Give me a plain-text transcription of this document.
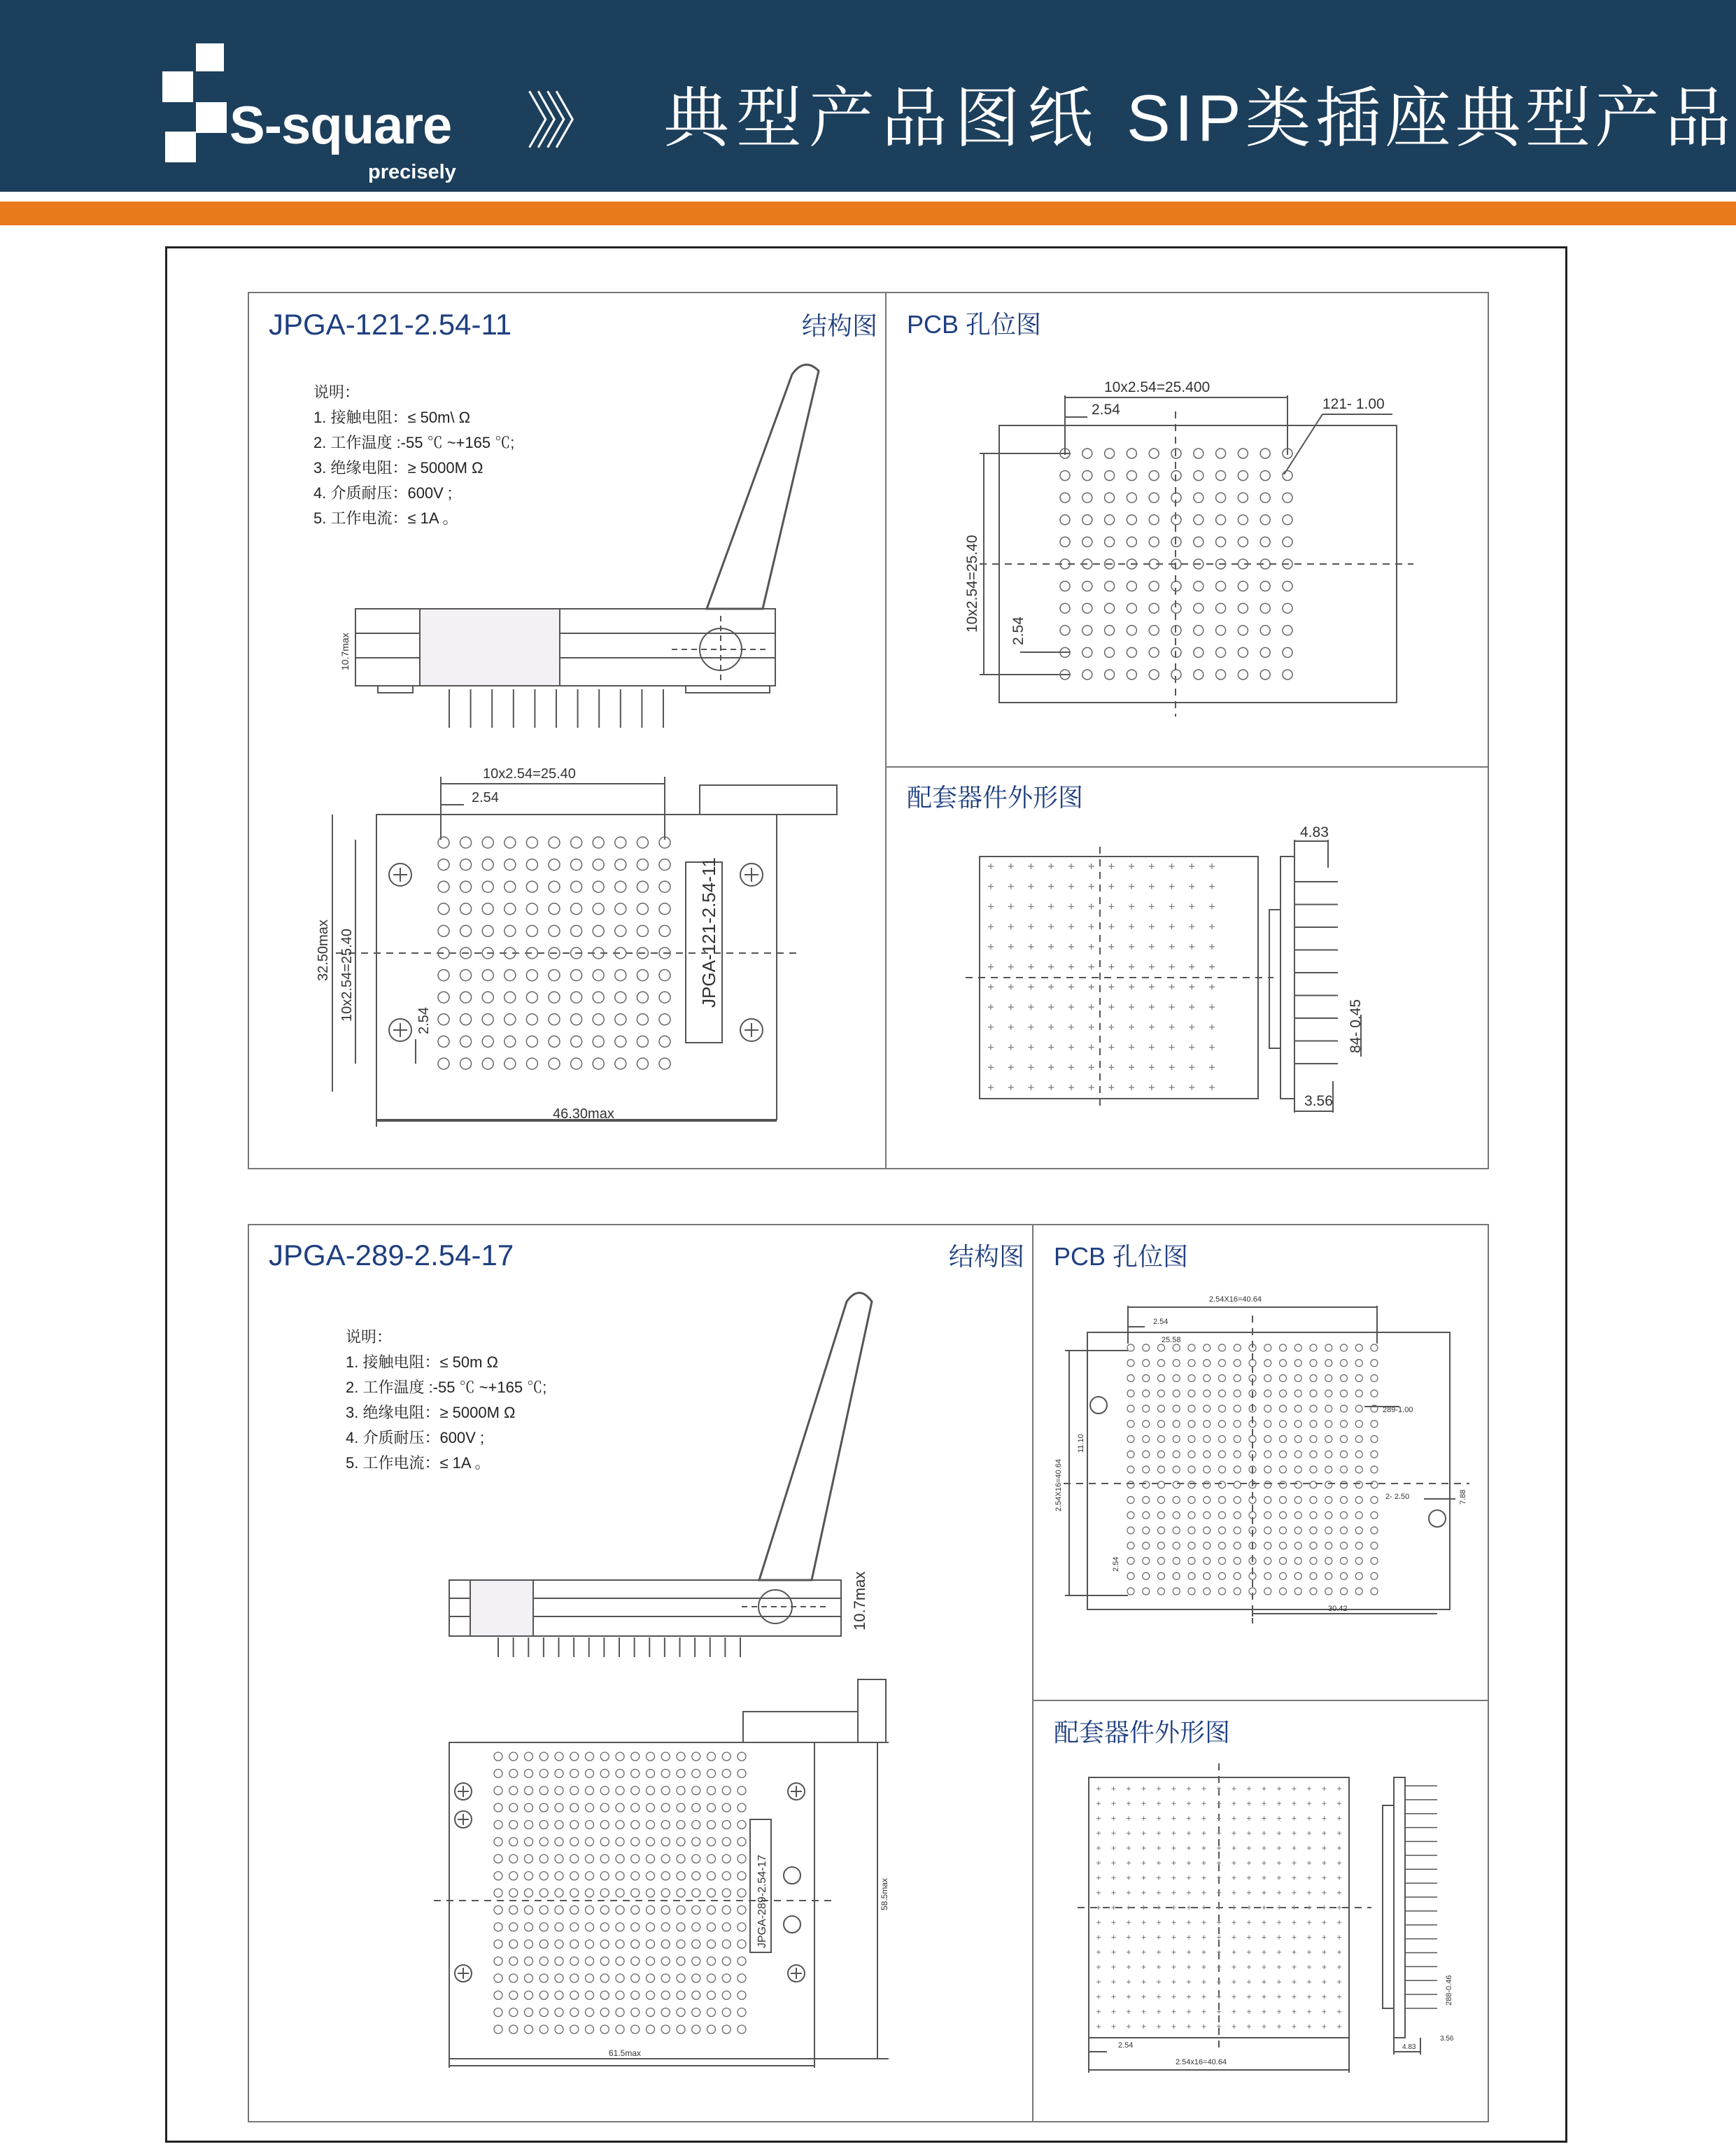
S-square
precisely
》》 典型产品图纸 SIP类插座典型产品
JPGA-121-2.54-11	结构图 PCB 孔位图
配套器件外形图
说明：
1. 接触电阻：≤ 50m\ Ω
2. 工作温度 :-55 ℃ ~+165 ℃;
3. 绝缘电阻：≥ 5000M Ω
4. 介质耐压：600V ;
5. 工作电流：≤ 1A 。
10.7max
10x2.54=25.40
2.54
32.50max 10x2.54=25.40	2.54
46.30max
JPGA-121-2.54-11
10x2.54=25.400
2.54	121- 1.00
10x2.54=25.40 2.54
4.83
84- 0.45
3.56
JPGA-289-2.54-17	结构图 PCB 孔位图
配套器件外形图
说明：
1. 接触电阻：≤ 50m Ω
2. 工作温度 :-55 ℃ ~+165 ℃;
3. 绝缘电阻：≥ 5000M Ω
4. 介质耐压：600V ;
5. 工作电流：≤ 1A 。
10.7max
58.5max
61.5max
JPGA-289-2.54-17
2.54X16=40.64
2.54
25.58
289-1.00
11.10
2.54X16=40.64
2.54
2- 2.50	7.88
30.42
2.54
2.54x16=40.64
288-0.46
4.83
3.56
